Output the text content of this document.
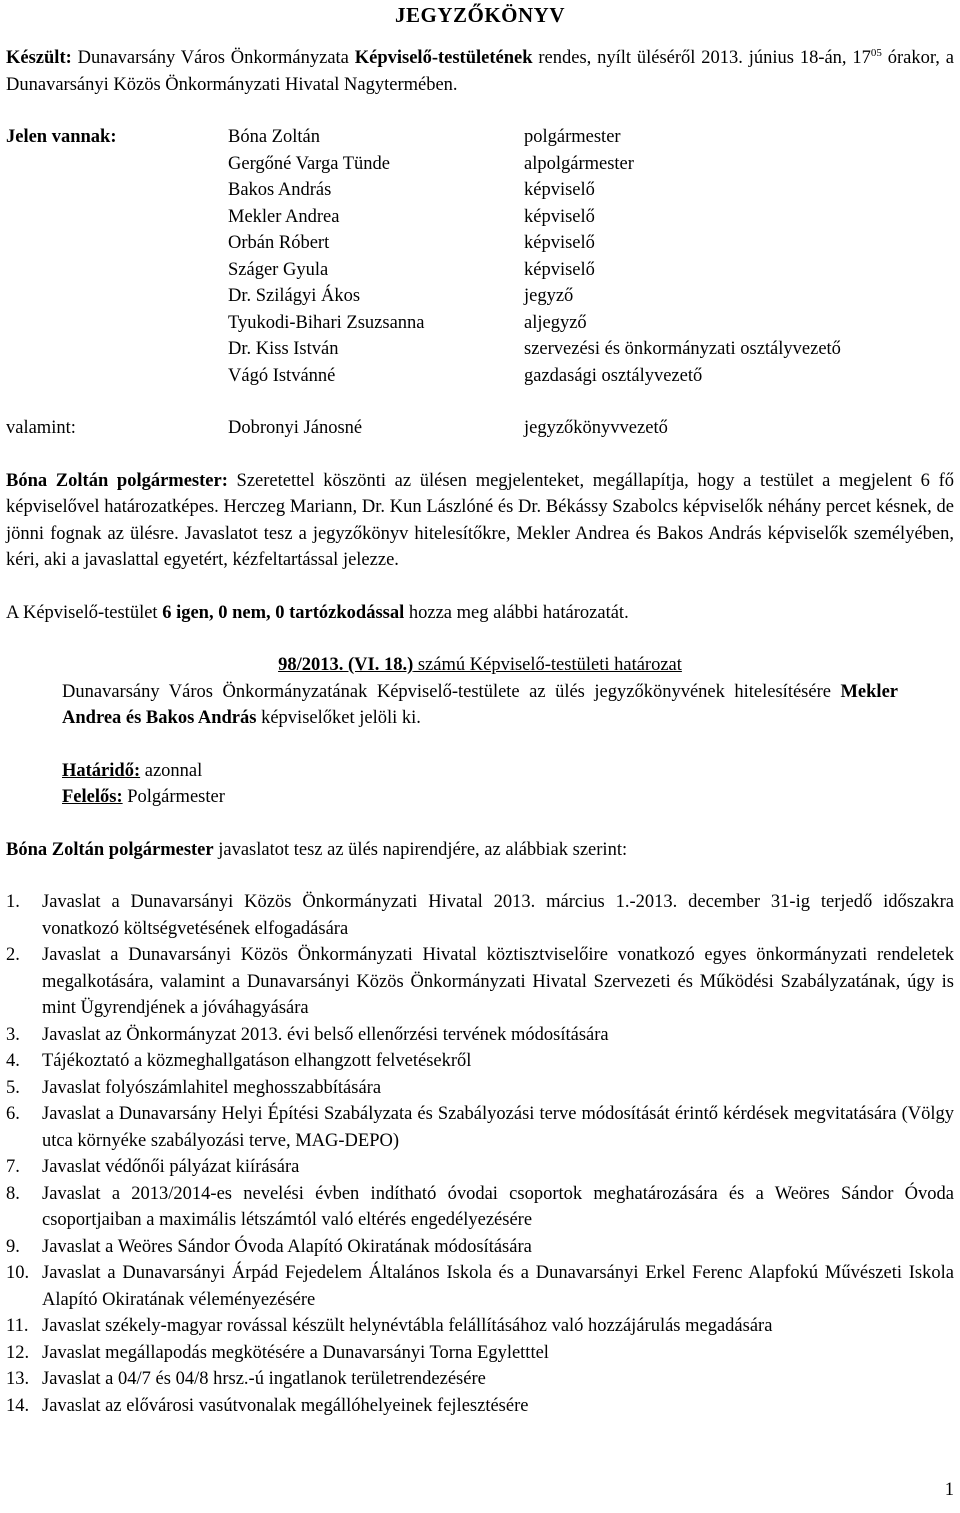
JEGYZŐKÖNYV

Készült: Dunavarsány Város Önkormányzata Képviselő-testületének rendes, nyílt üléséről 2013. június 18-án, $17^{05}$ órakor, a Dunavarsányi Közös Önkormányzati Hivatal Nagytermében.

Jelen vannak:	Bóna Zoltán	polgármester
	Gergőné Varga Tünde	alpolgármester
	Bakos András	képviselő
	Mekler Andrea	képviselő
	Orbán Róbert	képviselő
	Száger Gyula	képviselő
	Dr. Szilágyi Ákos	jegyző
	Tyukodi-Bihari Zsuzsanna	aljegyző
	Dr. Kiss István	szervezési és önkormányzati osztályvezető
	Vágó Istvánné	gazdasági osztályvezető
valamint:	Dobronyi Jánosné	jegyzőkönyvvezető

Bóna Zoltán polgármester: Szeretettel köszönti az ülésen megjelenteket, megállapítja, hogy a testület a megjelent 6 fő képviselővel határozatképes. Herczeg Mariann, Dr. Kun Lászlóné és Dr. Békássy Szabolcs képviselők néhány percet késnek, de jönni fognak az ülésre. Javaslatot tesz a jegyzőkönyv hitelesítőkre, Mekler Andrea és Bakos András képviselők személyében, kéri, aki a javaslattal egyetért, kézfeltartással jelezze.

A Képviselő-testület 6 igen, 0 nem, 0 tartózkodással hozza meg alábbi határozatát.

98/2013. (VI. 18.) számú Képviselő-testületi határozat

Dunavarsány Város Önkormányzatának Képviselő-testülete az ülés jegyzőkönyvének hitelesítésére Mekler Andrea és Bakos András képviselőket jelöli ki.

Határidő: azonnal
Felelős: Polgármester

Bóna Zoltán polgármester javaslatot tesz az ülés napirendjére, az alábbiak szerint:

1. Javaslat a Dunavarsányi Közös Önkormányzati Hivatal 2013. március 1.-2013. december 31-ig terjedő időszakra vonatkozó költségvetésének elfogadására
2. Javaslat a Dunavarsányi Közös Önkormányzati Hivatal köztisztviselőire vonatkozó egyes önkormányzati rendeletek megalkotására, valamint a Dunavarsányi Közös Önkormányzati Hivatal Szervezeti és Működési Szabályzatának, úgy is mint Ügyrendjének a jóváhagyására
3. Javaslat az Önkormányzat 2013. évi belső ellenőrzési tervének módosítására
4. Tájékoztató a közmeghallgatáson elhangzott felvetésekről
5. Javaslat folyószámlahitel meghosszabbítására
6. Javaslat a Dunavarsány Helyi Építési Szabályzata és Szabályozási terve módosítását érintő kérdések megvitatására (Völgy utca környéke szabályozási terve, MAG-DEPO)
7. Javaslat védőnői pályázat kiírására
8. Javaslat a 2013/2014-es nevelési évben indítható óvodai csoportok meghatározására és a Weöres Sándor Óvoda csoportjaiban a maximális létszámtól való eltérés engedélyezésére
9. Javaslat a Weöres Sándor Óvoda Alapító Okiratának módosítására
10. Javaslat a Dunavarsányi Árpád Fejedelem Általános Iskola és a Dunavarsányi Erkel Ferenc Alapfokú Művészeti Iskola Alapító Okiratának véleményezésére
11. Javaslat székely-magyar rovással készült helynévtábla felállításához való hozzájárulás megadására
12. Javaslat megállapodás megkötésére a Dunavarsányi Torna Egyletttel
13. Javaslat a 04/7 és 04/8 hrsz.-ú ingatlanok területrendezésére
14. Javaslat az elővárosi vasútvonalak megállóhelyeinek fejlesztésére
1
